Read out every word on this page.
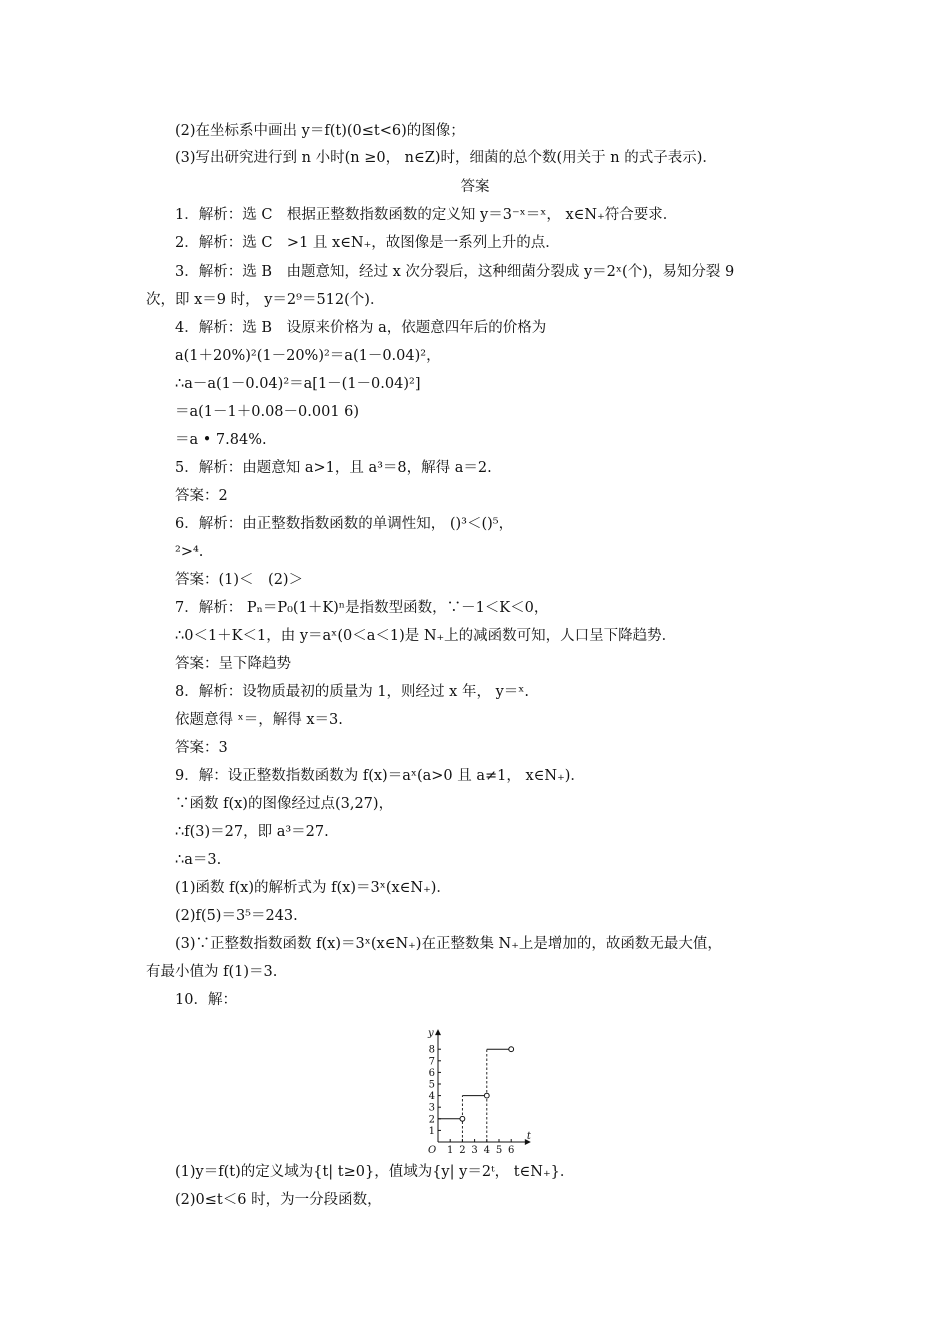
(2)在坐标系中画出 y＝f(t)(0≤t<6)的图像；
(3)写出研究进行到 n 小时(n ≥0， n∈Z)时，细菌的总个数(用关于 n 的式子表示)．
答案
1．解析：选 C　根据正整数指数函数的定义知 y＝3⁻ˣ＝ˣ， x∈N₊符合要求．
2．解析：选 C　>1 且 x∈N₊，故图像是一系列上升的点．
3．解析：选 B　由题意知，经过 x 次分裂后，这种细菌分裂成 y＝2ˣ(个)，易知分裂 9
次，即 x＝9 时， y＝2⁹＝512(个)．
4．解析：选 B　设原来价格为 a，依题意四年后的价格为
a(1＋20%)²(1－20%)²＝a(1－0.04)²，
∴a－a(1－0.04)²＝a[1－(1－0.04)²]
＝a(1－1＋0.08－0.001 6)
＝a • 7.84%.
5．解析：由题意知 a>1，且 a³＝8，解得 a＝2.
答案：2
6．解析：由正整数指数函数的单调性知， ()³＜()⁵，
²>⁴.
答案：(1)＜　(2)＞
7．解析： Pₙ＝P₀(1＋K)ⁿ是指数型函数，∵－1＜K＜0，
∴0＜1＋K＜1，由 y＝aˣ(0＜a＜1)是 N₊上的减函数可知，人口呈下降趋势．
答案：呈下降趋势
8．解析：设物质最初的质量为 1，则经过 x 年， y＝ˣ.
依题意得 ˣ＝，解得 x＝3.
答案：3
9．解：设正整数指数函数为 f(x)＝aˣ(a>0 且 a≠1， x∈N₊)．
∵函数 f(x)的图像经过点(3,27)，
∴f(3)＝27，即 a³＝27.
∴a＝3.
(1)函数 f(x)的解析式为 f(x)＝3ˣ(x∈N₊)．
(2)f(5)＝3⁵＝243.
(3)∵正整数指数函数 f(x)＝3ˣ(x∈N₊)在正整数集 N₊上是增加的，故函数无最大值，
有最小值为 f(1)＝3.
10．解：
t
y
O 1 2 3 4 5 6
1
2
3
4
5
6
7
8
(1)y＝f(t)的定义域为{t| t≥0}，值域为{y| y＝2ᵗ， t∈N₊}．
(2)0≤t＜6 时，为一分段函数，
